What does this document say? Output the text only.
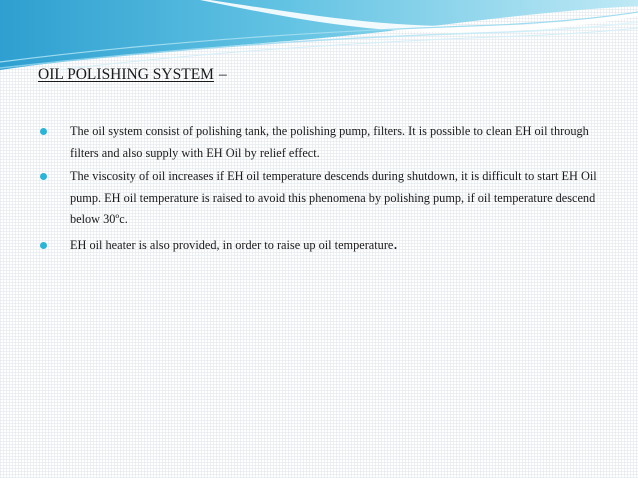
OIL POLISHING SYSTEM –
The oil system consist of polishing tank, the polishing pump, filters. It is possible to clean EH oil through filters and also supply with EH Oil by relief effect.
The viscosity of oil increases if EH oil temperature descends during shutdown, it is difficult to start EH Oil pump. EH oil temperature is raised to avoid this phenomena by polishing pump, if oil temperature descend below 30ºc.
EH oil heater is also provided, in order to raise up oil temperature.
